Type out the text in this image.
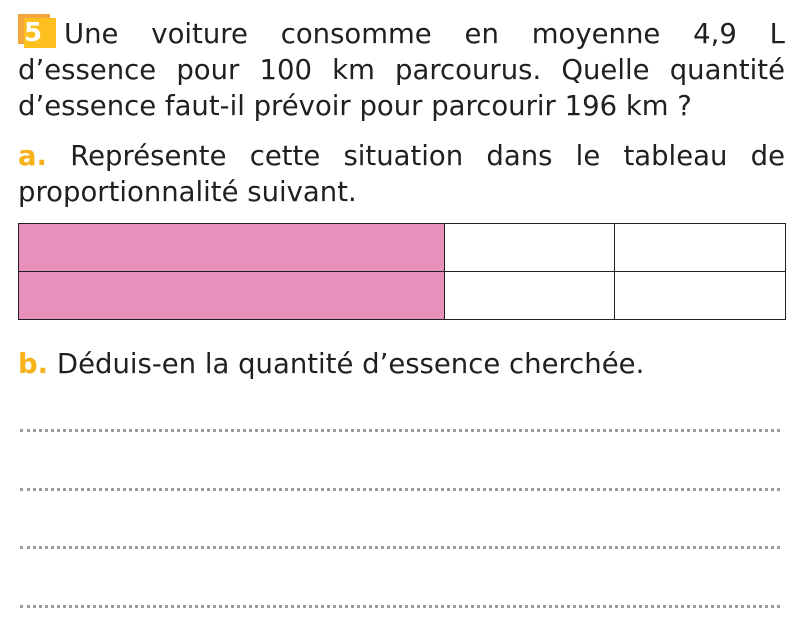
5 Une voiture consomme en moyenne 4,9 L d’essence pour 100 km parcourus. Quelle quantité d’essence faut-il prévoir pour parcourir 196 km ?

a. Représente cette situation dans le tableau de proportionnalité suivant.

b. Déduis-en la quantité d’essence cherchée.
